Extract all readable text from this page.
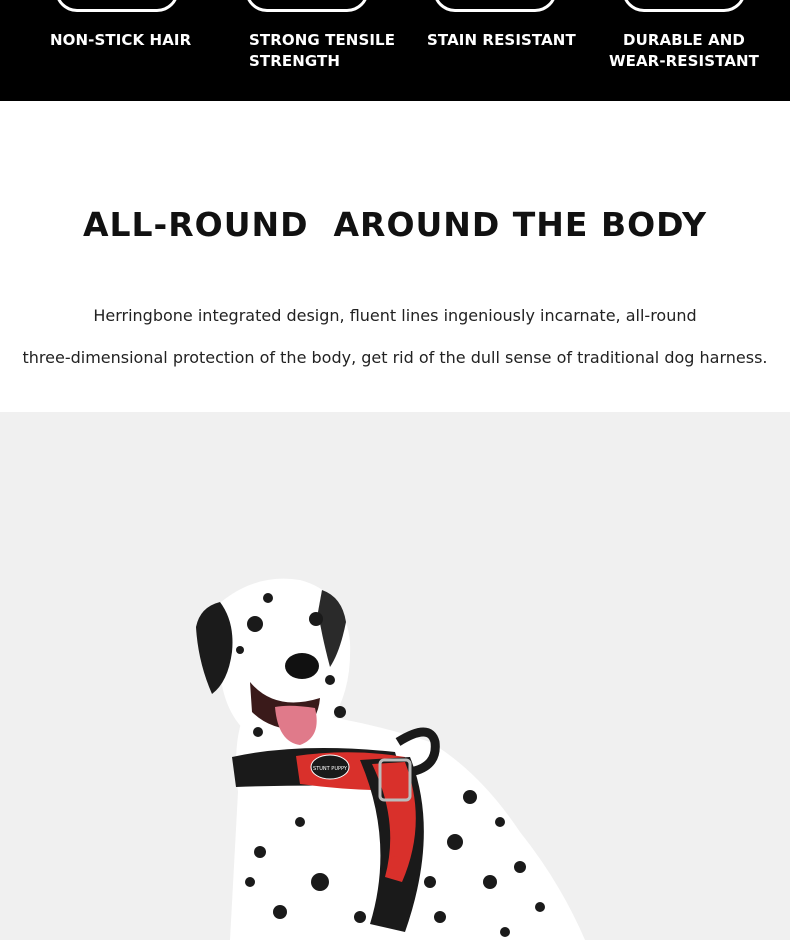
NON-STICK HAIR	STRONG TENSILE
STRENGTH
STAIN RESISTANT	DURABLE AND
WEAR-RESISTANT
ALL-ROUND  AROUND THE BODY
Herringbone integrated design, fluent lines ingeniously incarnate, all-round
three-dimensional protection of the body, get rid of the dull sense of traditional dog harness.
STUNT PUPPY
